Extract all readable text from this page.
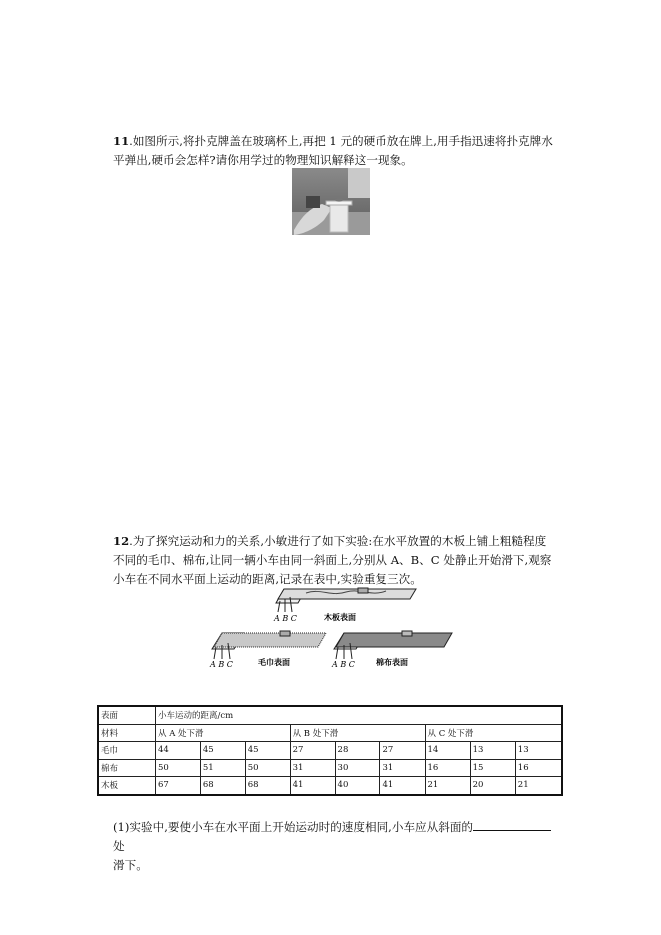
11.如图所示,将扑克牌盖在玻璃杯上,再把 1 元的硬币放在牌上,用手指迅速将扑克牌水平弹出,硬币会怎样?请你用学过的物理知识解释这一现象。
12.为了探究运动和力的关系,小敏进行了如下实验:在水平放置的木板上铺上粗糙程度不同的毛巾、棉布,让同一辆小车由同一斜面上,分别从 A、B、C 处静止开始滑下,观察小车在不同水平面上运动的距离,记录在表中,实验重复三次。
A B C	木板表面
A B C	毛巾表面	A B C	棉布表面
表面	小车运动的距离/cm								
材料	从 A 处下滑			从 B 处下滑			从 C 处下滑		
毛巾	44	45	45	27	28	27	14	13	13
棉布	50	51	50	31	30	31	16	15	16
木板	67	68	68	41	40	41	21	20	21
(1)实验中,要使小车在水平面上开始运动时的速度相同,小车应从斜面的处
滑下。
